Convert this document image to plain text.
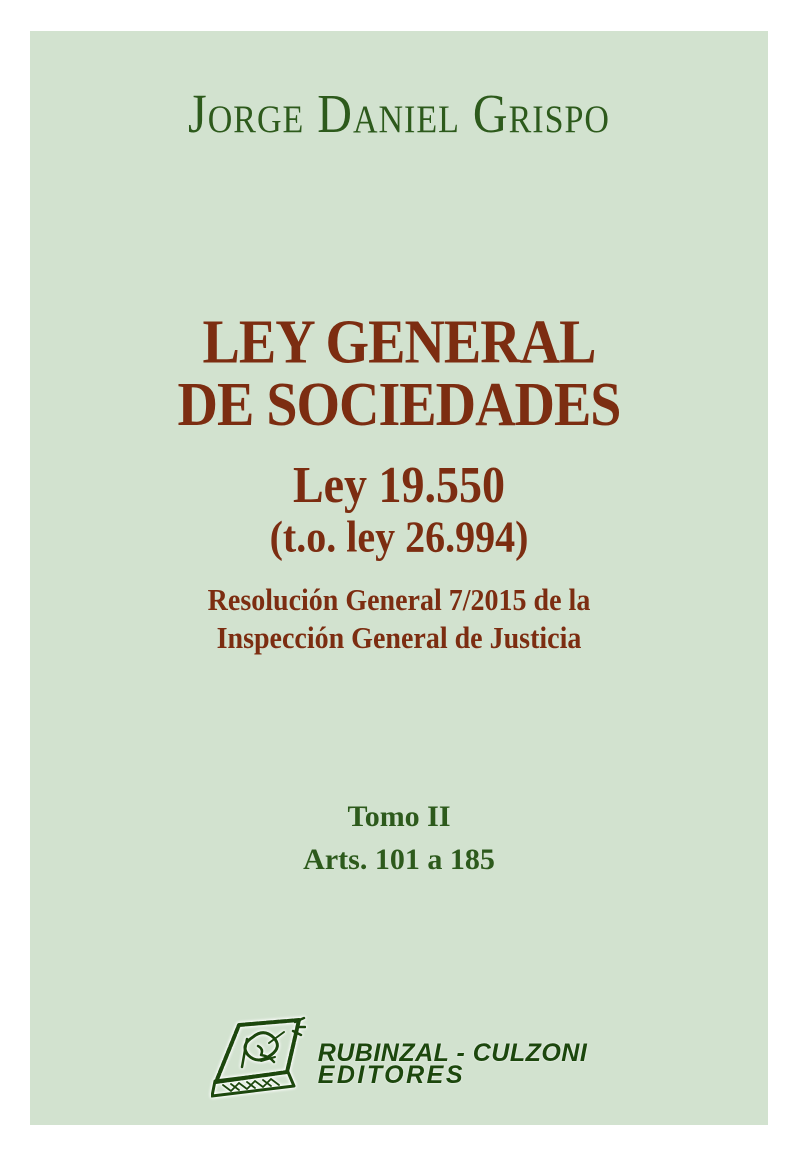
Jorge Daniel Grispo
LEY GENERAL
DE SOCIEDADES
Ley 19.550
(t.o. ley 26.994)
Resolución General 7/2015 de la
Inspección General de Justicia
Tomo II
Arts. 101 a 185
RUBINZAL - CULZONI
EDITORES
